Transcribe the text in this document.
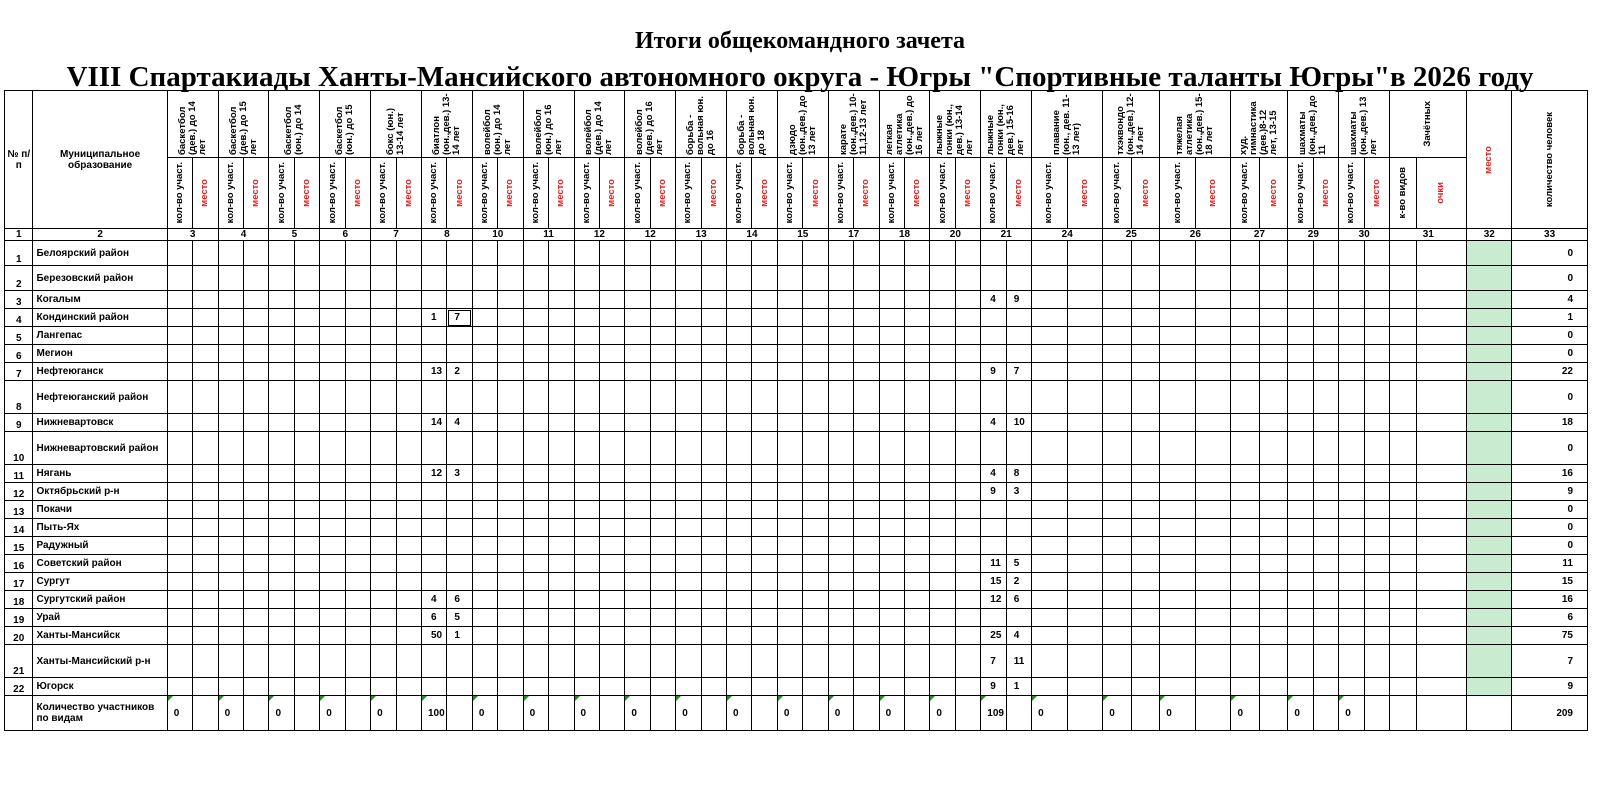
Итоги общекомандного зачета
VIII Спартакиады Ханты-Мансийского автономного округа - Югры "Спортивные таланты Югры"в 2026 году
№ п/п	Муниципальное образование	баскетбол (дев.) до 14 лет		баскетбол (дев.) до 15 лет		баскетбол (юн.) до 14		баскетбол (юн.) до 15		бокс (юн.) 13-14 лет		биатлон (юн.,дев.) 13-14 лет		волейбол (юн.) до 14 лет		волейбол (юн.) до 16 лет		волейбол (дев.) до 14 лет		волейбол (дев.) до 16 лет		борьба - вольная юн. до 16		борьба - вольная юн. до 18		дзюдо (юн.,дев.) до 13 лет		карате (юн.,дев.) 10-11,12-13 лет		легкая атлетика (юн.,дев.) до 16 лет		лыжные гонки (юн., дев.) 13-14 лет		лыжные гонки (юн., дев.) 15-16 лет		плавание (юн., дев. 11-13 лет)		тхэквондо (юн.,дев.) 12-14 лет		тяжелая атлетика (юн.,дев.) 15- 18 лет		худ. гимнастика (дев.)8-12 лет, 13-15		шахматы (юн.,дев.) до 11		шахматы (юн.,дев.) 13 лет		Зачётных		место	количество человек

		кол-во участ.	место	кол-во участ.	место	кол-во участ.	место	кол-во участ.	место	кол-во участ.	место	кол-во участ.	место	кол-во участ.	место	кол-во участ.	место	кол-во участ.	место	кол-во участ.	место	кол-во участ.	место	кол-во участ.	место	кол-во участ.	место	кол-во участ.	место	кол-во участ.	место	кол-во участ.	место	кол-во участ.	место	кол-во участ.	место	кол-во участ.	место	кол-во участ.	место	кол-во участ.	место	кол-во участ.	место	кол-во участ.	место	к-во видов	очки		

1	2	3		4		5		6		7		8		10		11		12		12		13		14		15		17		18		20		21		24		25		26		27		29		30		31		32	33
1	Белоярский район																																																		0
2	Березовский район																																																		0
3	Когалым																																	4	9																4
4	Кондинский район											1	7																																						1
5	Лангепас																																																		0
6	Мегион																																																		0
7	Нефтеюганск											13	2																					9	7																22
8	Нефтеюганский район																																																		0
9	Нижневартовск											14	4																					4	10																18
10	Нижневартовский район																																																		0
11	Нягань											12	3																					4	8																16
12	Октябрьский р-н																																	9	3																9
13	Покачи																																																		0
14	Пыть-Ях																																																		0
15	Радужный																																																		0
16	Советский район																																	11	5																11
17	Сургут																																	15	2																15
18	Сургутский район											4	6																					12	6																16
19	Урай											6	5																																						6
20	Ханты-Мансийск											50	1																					25	4																75
21	Ханты-Мансийский р-н																																	7	11																7
22	Югорск																																	9	1																9
	Количество участников по видам	0		0		0		0		0		100		0		0		0		0		0		0		0		0		0		0		109		0		0		0		0		0		0					209
